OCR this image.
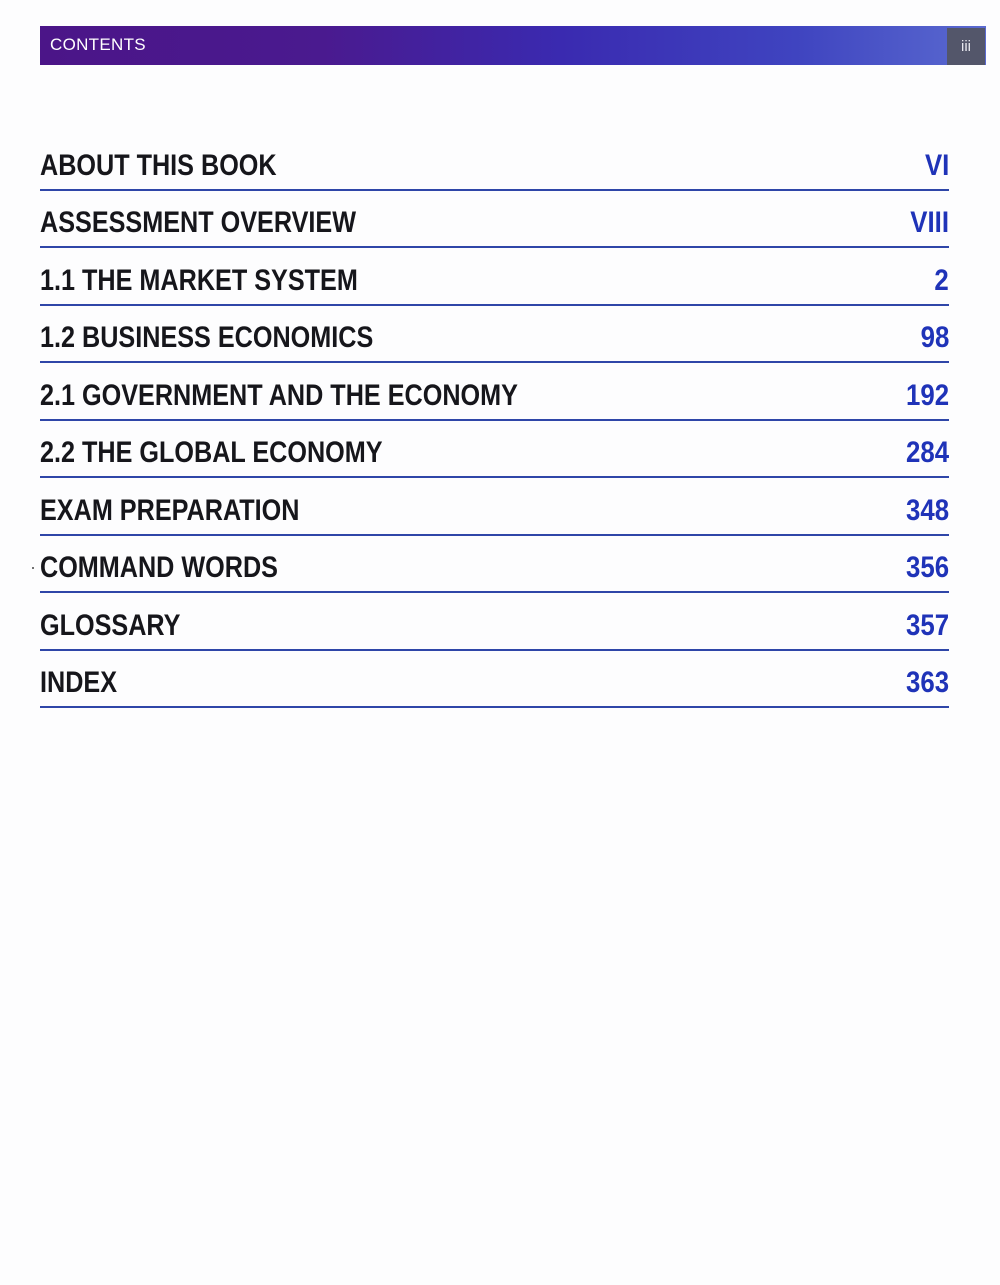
CONTENTS	iii
ABOUT THIS BOOK	VI
ASSESSMENT OVERVIEW	VIII
1.1 THE MARKET SYSTEM	2
1.2 BUSINESS ECONOMICS	98
2.1 GOVERNMENT AND THE ECONOMY	192
2.2 THE GLOBAL ECONOMY	284
EXAM PREPARATION	348
COMMAND WORDS	356
GLOSSARY	357
INDEX	363
